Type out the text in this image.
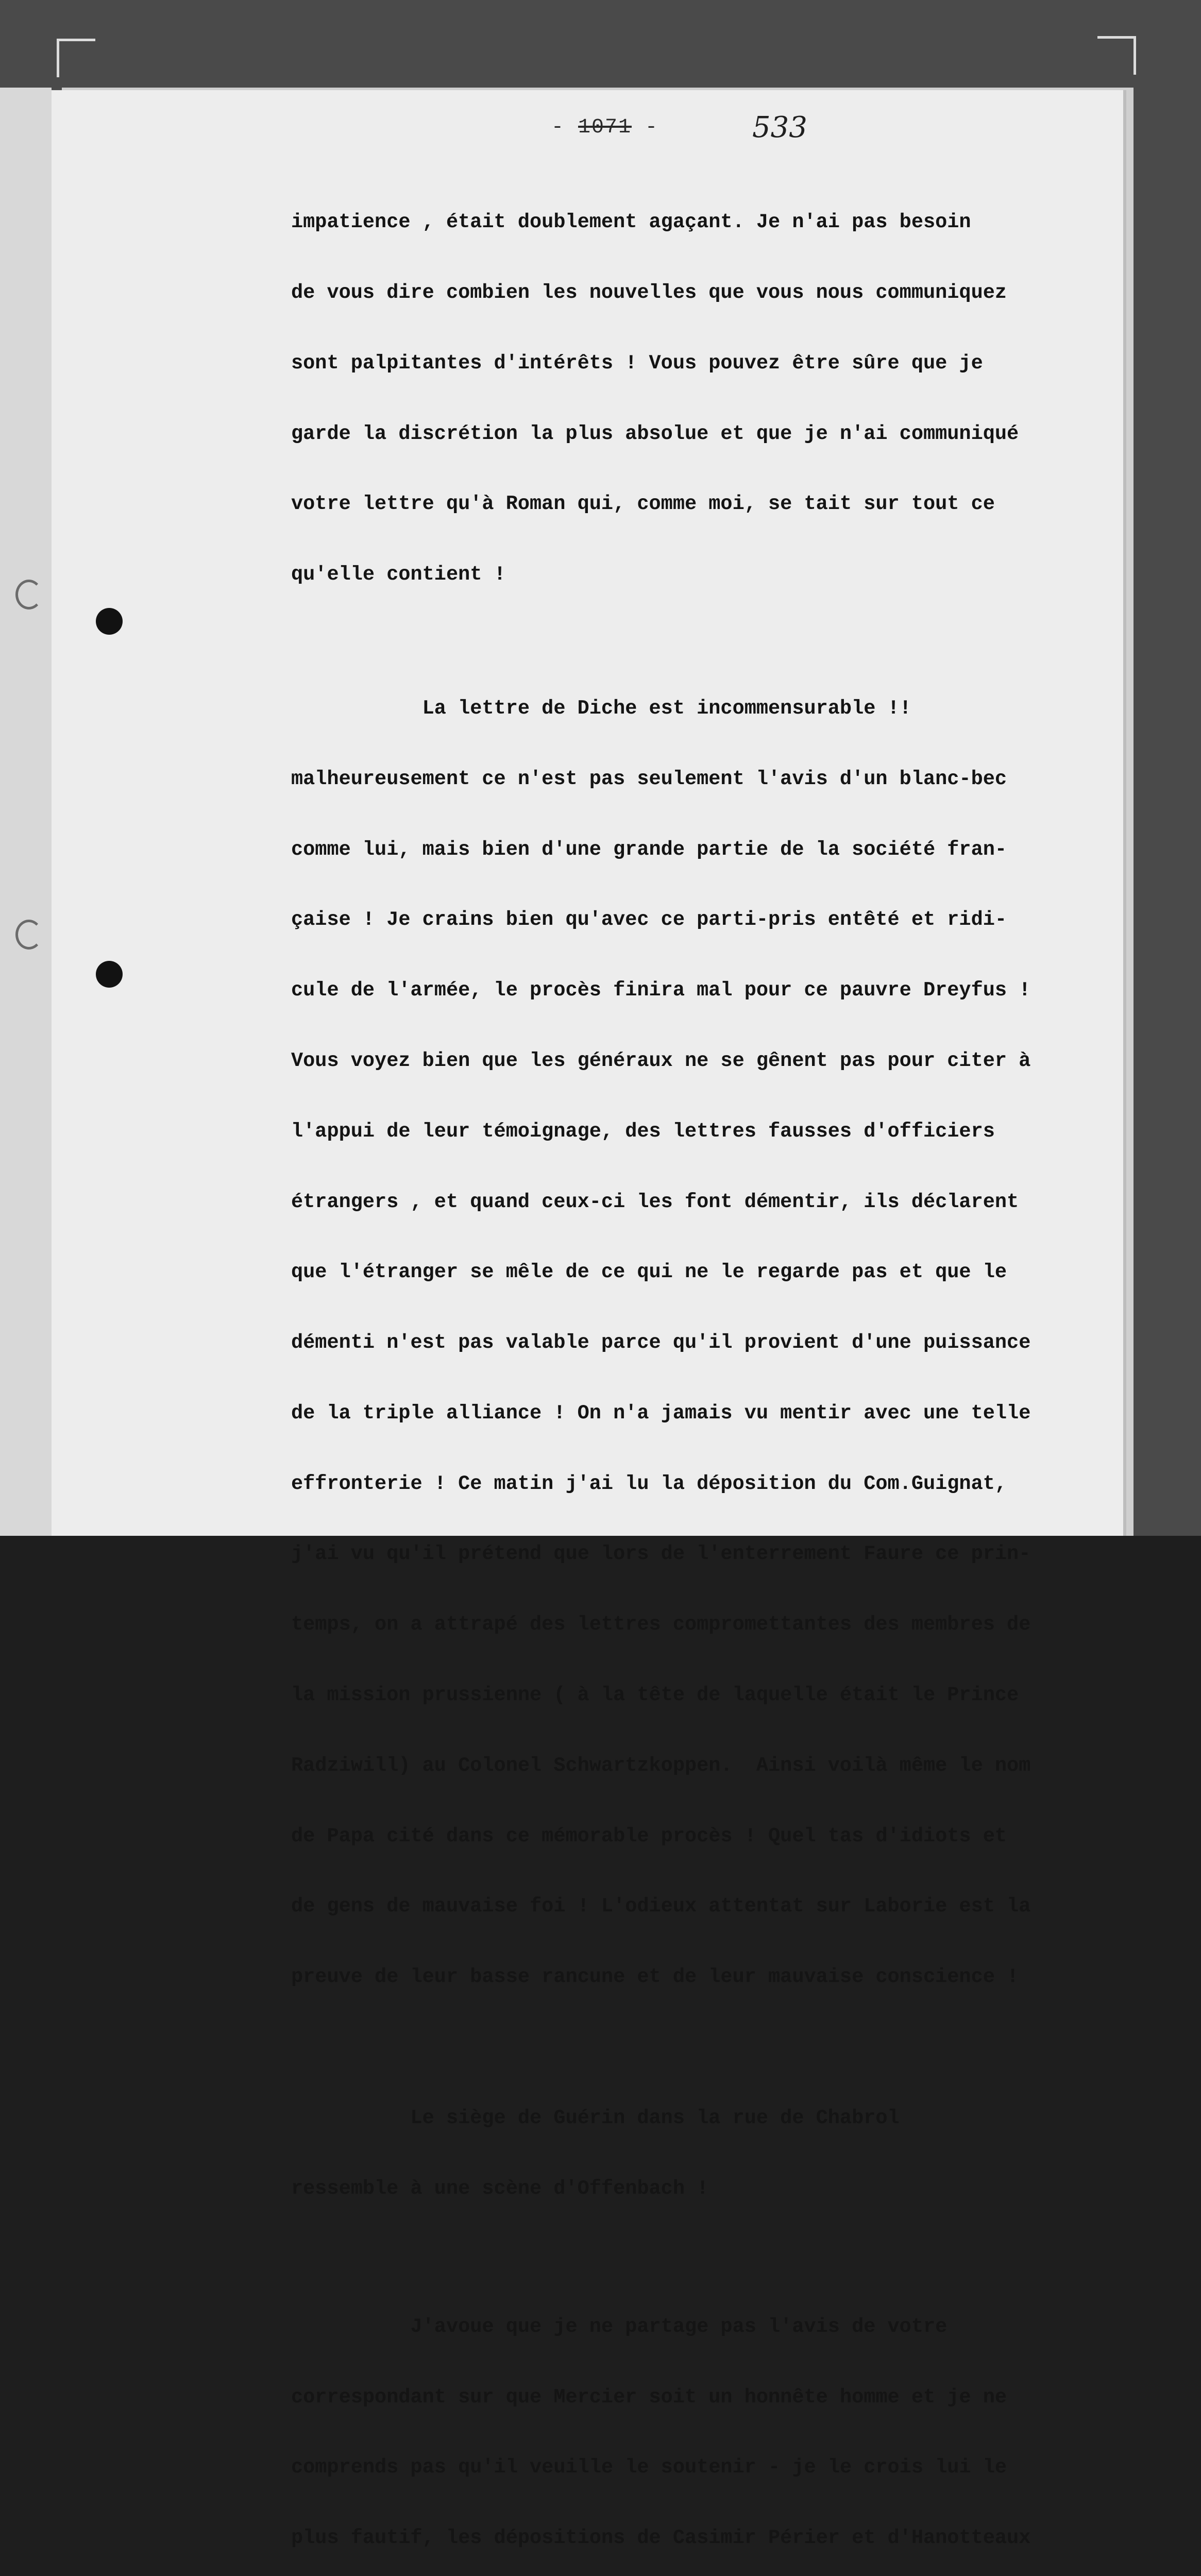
- 1071 -	533

impatience , était doublement agaçant. Je n'ai pas besoin

de vous dire combien les nouvelles que vous nous communiquez

sont palpitantes d'intérêts ! Vous pouvez être sûre que je

garde la discrétion la plus absolue et que je n'ai communiqué

votre lettre qu'à Roman qui, comme moi, se tait sur tout ce

qu'elle contient !

La lettre de Diche est incommensurable !!

malheureusement ce n'est pas seulement l'avis d'un blanc-bec

comme lui, mais bien d'une grande partie de la société fran-

çaise ! Je crains bien qu'avec ce parti-pris entêté et ridi-

cule de l'armée, le procès finira mal pour ce pauvre Dreyfus !

Vous voyez bien que les généraux ne se gênent pas pour citer à

l'appui de leur témoignage, des lettres fausses d'officiers

étrangers , et quand ceux-ci les font démentir, ils déclarent

que l'étranger se mêle de ce qui ne le regarde pas et que le

démenti n'est pas valable parce qu'il provient d'une puissance

de la triple alliance ! On n'a jamais vu mentir avec une telle

effronterie ! Ce matin j'ai lu la déposition du Com.Guignat,

j'ai vu qu'il prétend que lors de l'enterrement Faure ce prin-

temps, on a attrapé des lettres compromettantes des membres de

la mission prussienne ( à la tête de laquelle était le Prince

Radziwill) au Colonel Schwartzkoppen.  Ainsi voilà même le nom

de Papa cité dans ce mémorable procès ! Quel tas d'idiots et

de gens de mauvaise foi ! L'odieux attentat sur Laborie est la

preuve de leur basse rancune et de leur mauvaise conscience !

Le siège de Guérin dans la rue de Chabrol

ressemble à une scène d'Offenbach !

J'avoue que je ne partage pas l'avis de votre

correspondant sur que Mercier soit un honnête homme et je ne

comprends pas qu'il veuille le soutenir - je le crois lui le

plus fautif, les dépositions de Casimir Périer et d'Hanotteaux
